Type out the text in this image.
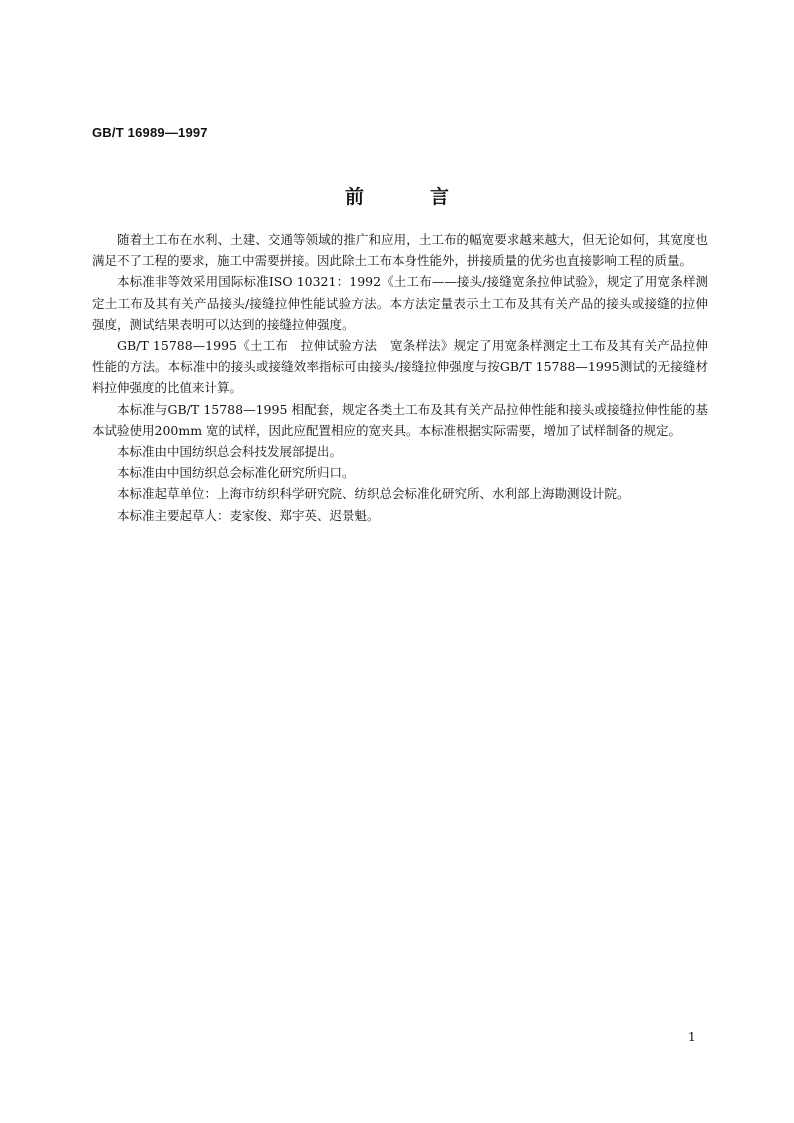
GB/T 16989—1997
前言

随着土工布在水利、土建、交通等领域的推广和应用，土工布的幅宽要求越来越大，但无论如何，其宽度也满足不了工程的要求，施工中需要拼接。因此除土工布本身性能外，拼接质量的优劣也直接影响工程的质量。

本标准非等效采用国际标准ISO 10321：1992《土工布——接头/接缝宽条拉伸试验》，规定了用宽条样测定土工布及其有关产品接头/接缝拉伸性能试验方法。本方法定量表示土工布及其有关产品的接头或接缝的拉伸强度，测试结果表明可以达到的接缝拉伸强度。

GB/T 15788—1995《土工布　拉伸试验方法　宽条样法》规定了用宽条样测定土工布及其有关产品拉伸性能的方法。本标准中的接头或接缝效率指标可由接头/接缝拉伸强度与按GB/T 15788—1995测试的无接缝材料拉伸强度的比值来计算。

本标准与GB/T 15788—1995 相配套，规定各类土工布及其有关产品拉伸性能和接头或接缝拉伸性能的基本试验使用200mm 宽的试样，因此应配置相应的宽夹具。本标准根据实际需要，增加了试样制备的规定。

本标准由中国纺织总会科技发展部提出。

本标准由中国纺织总会标准化研究所归口。

本标准起草单位：上海市纺织科学研究院、纺织总会标准化研究所、水利部上海勘测设计院。

本标准主要起草人：麦家俊、郑宇英、迟景魁。

1
